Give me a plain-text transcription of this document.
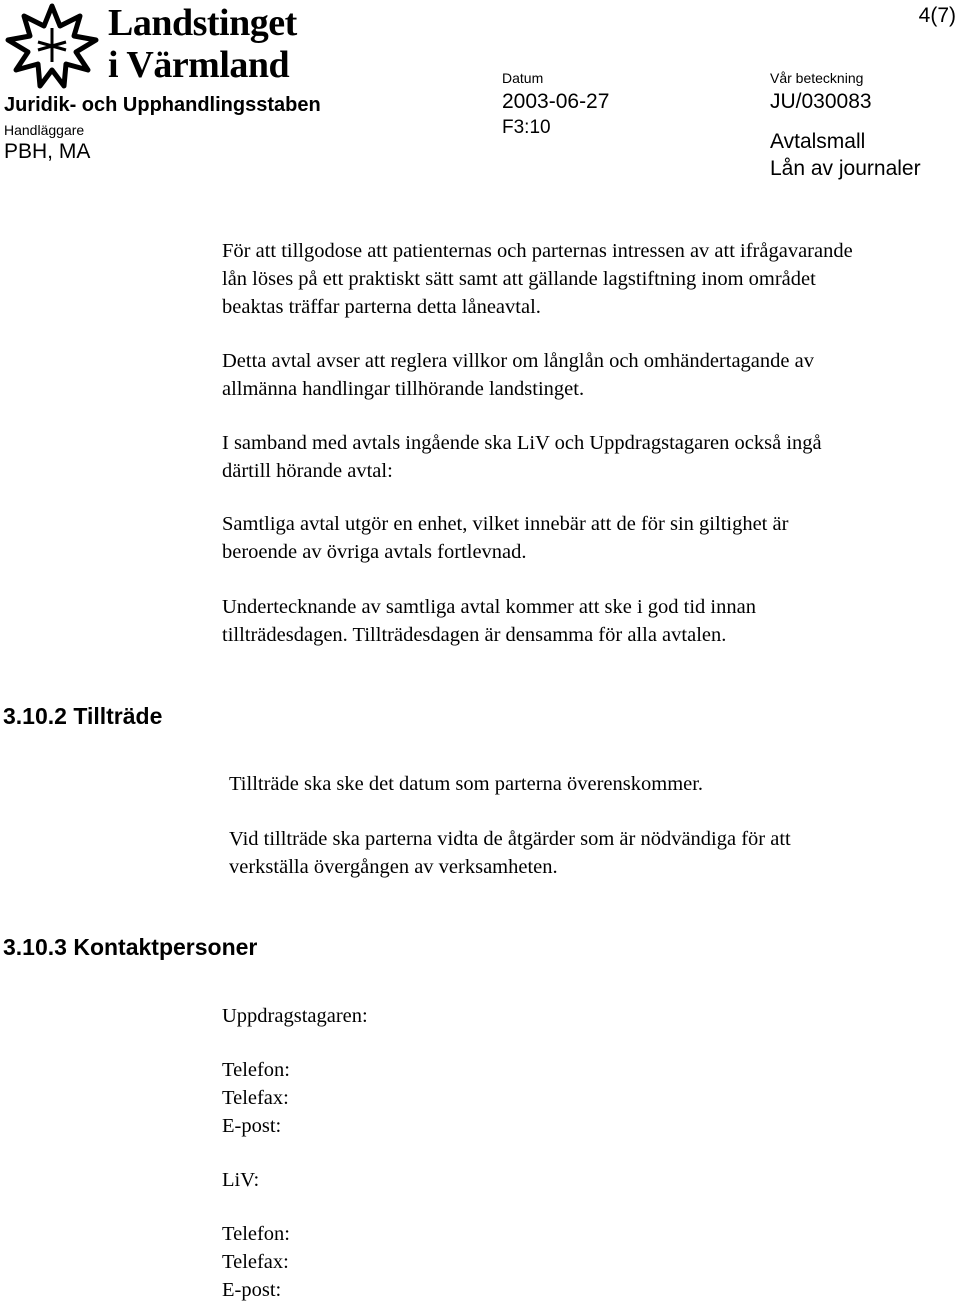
Landstinget
i Värmland
Juridik- och Upphandlingsstaben
Handläggare
PBH, MA
Datum
2003-06-27
F3:10
Vår beteckning
JU/030083
Avtalsmall
Lån av journaler
4(7)

För att tillgodose att patienternas och parternas intressen av att ifrågavarande
lån löses på ett praktiskt sätt samt att gällande lagstiftning inom området
beaktas träffar parterna detta låneavtal.

Detta avtal avser att reglera villkor om långlån och omhändertagande av
allmänna handlingar tillhörande landstinget.

I samband med avtals ingående ska LiV och Uppdragstagaren också ingå
därtill hörande avtal:

Samtliga avtal utgör en enhet, vilket innebär att de för sin giltighet är
beroende av övriga avtals fortlevnad.

Undertecknande av samtliga avtal kommer att ske i god tid innan
tillträdesdagen. Tillträdesdagen är densamma för alla avtalen.

3.10.2 Tillträde

Tillträde ska ske det datum som parterna överenskommer.

Vid tillträde ska parterna vidta de åtgärder som är nödvändiga för att
verkställa övergången av verksamheten.

3.10.3 Kontaktpersoner

Uppdragstagaren:

Telefon:
Telefax:
E-post:

LiV:

Telefon:
Telefax:
E-post:
